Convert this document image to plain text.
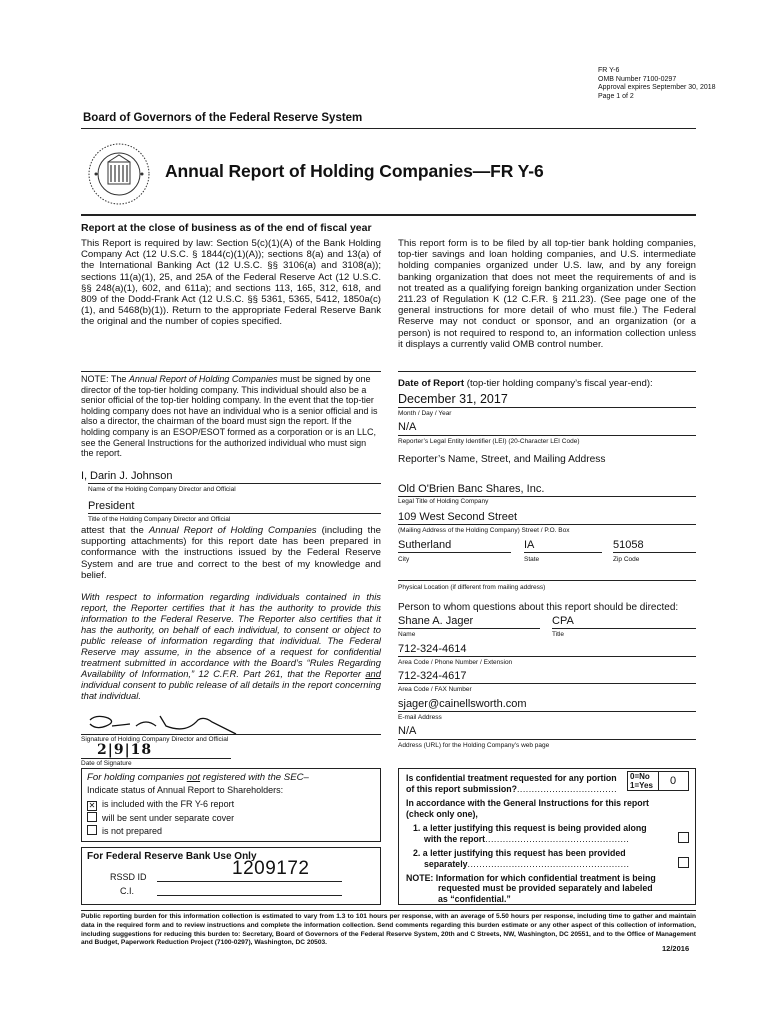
FR Y-6
OMB Number 7100-0297
Approval expires September 30, 2018
Page 1 of 2
Board of Governors of the Federal Reserve System
Annual Report of Holding Companies—FR Y-6
Report at the close of business as of the end of fiscal year
This Report is required by law: Section 5(c)(1)(A) of the Bank Holding Company Act (12 U.S.C. § 1844(c)(1)(A)); sections 8(a) and 13(a) of the International Banking Act (12 U.S.C. §§ 3106(a) and 3108(a)); sections 11(a)(1), 25, and 25A of the Federal Reserve Act (12 U.S.C. §§ 248(a)(1), 602, and 611a); and sections 113, 165, 312, 618, and 809 of the Dodd-Frank Act (12 U.S.C. §§ 5361, 5365, 5412, 1850a(c)(1), and 5468(b)(1)). Return to the appropriate Federal Reserve Bank the original and the number of copies specified.
This report form is to be filed by all top-tier bank holding companies, top-tier savings and loan holding companies, and U.S. intermediate holding companies organized under U.S. law, and by any foreign banking organization that does not meet the requirements of and is not treated as a qualifying foreign banking organization under Section 211.23 of Regulation K (12 C.F.R. § 211.23). (See page one of the general instructions for more detail of who must file.) The Federal Reserve may not conduct or sponsor, and an organization (or a person) is not required to respond to, an information collection unless it displays a currently valid OMB control number.
NOTE: The Annual Report of Holding Companies must be signed by one director of the top-tier holding company. This individual should also be a senior official of the top-tier holding company. In the event that the top-tier holding company does not have an individual who is a senior official and is also a director, the chairman of the board must sign the report. If the holding company is an ESOP/ESOT formed as a corporation or is an LLC, see the General Instructions for the authorized individual who must sign the report.
I, Darin J. Johnson
Name of the Holding Company Director and Official
President
Title of the Holding Company Director and Official
attest that the Annual Report of Holding Companies (including the supporting attachments) for this report date has been prepared in conformance with the instructions issued by the Federal Reserve System and are true and correct to the best of my knowledge and belief.
With respect to information regarding individuals contained in this report, the Reporter certifies that it has the authority to provide this information to the Federal Reserve. The Reporter also certifies that it has the authority, on behalf of each individual, to consent or object to public release of information regarding that individual. The Federal Reserve may assume, in the absence of a request for confidential treatment submitted in accordance with the Board’s “Rules Regarding Availability of Information,” 12 C.F.R. Part 261, that the Reporter and individual consent to public release of all details in the report concerning that individual.
Signature of Holding Company Director and Official
2|9|18
Date of Signature
For holding companies not registered with the SEC–
Indicate status of Annual Report to Shareholders:
✕ is included with the FR Y-6 report
will be sent under separate cover
is not prepared
For Federal Reserve Bank Use Only
RSSD ID	1209172
C.I.
Date of Report (top-tier holding company’s fiscal year-end):
December 31, 2017
Month / Day / Year
N/A
Reporter’s Legal Entity Identifier (LEI) (20-Character LEI Code)
Reporter’s Name, Street, and Mailing Address
Old O'Brien Banc Shares, Inc.
Legal Title of Holding Company
109 West Second Street
(Mailing Address of the Holding Company) Street / P.O. Box
Sutherland	IA	51058
City	State	Zip Code
Physical Location (if different from mailing address)
Person to whom questions about this report should be directed:
Shane A. Jager	CPA
Name	Title
712-324-4614
Area Code / Phone Number / Extension
712-324-4617
Area Code / FAX Number
sjager@cainellsworth.com
E-mail Address
N/A
Address (URL) for the Holding Company’s web page
Is confidential treatment requested for any portion
of this report submission?..................................
0=No
1=Yes 0
In accordance with the General Instructions for this report
(check only one),
1. a letter justifying this request is being provided along
with the report.................................................
2. a letter justifying this request has been provided
separately.......................................................
NOTE: Information for which confidential treatment is being
requested must be provided separately and labeled
as “confidential.”
Public reporting burden for this information collection is estimated to vary from 1.3 to 101 hours per response, with an average of 5.50 hours per response, including time to gather and maintain data in the required form and to review instructions and complete the information collection. Send comments regarding this burden estimate or any other aspect of this collection of information, including suggestions for reducing this burden to: Secretary, Board of Governors of the Federal Reserve System, 20th and C Streets, NW, Washington, DC 20551, and to the Office of Management and Budget, Paperwork Reduction Project (7100-0297), Washington, DC 20503.
12/2016
